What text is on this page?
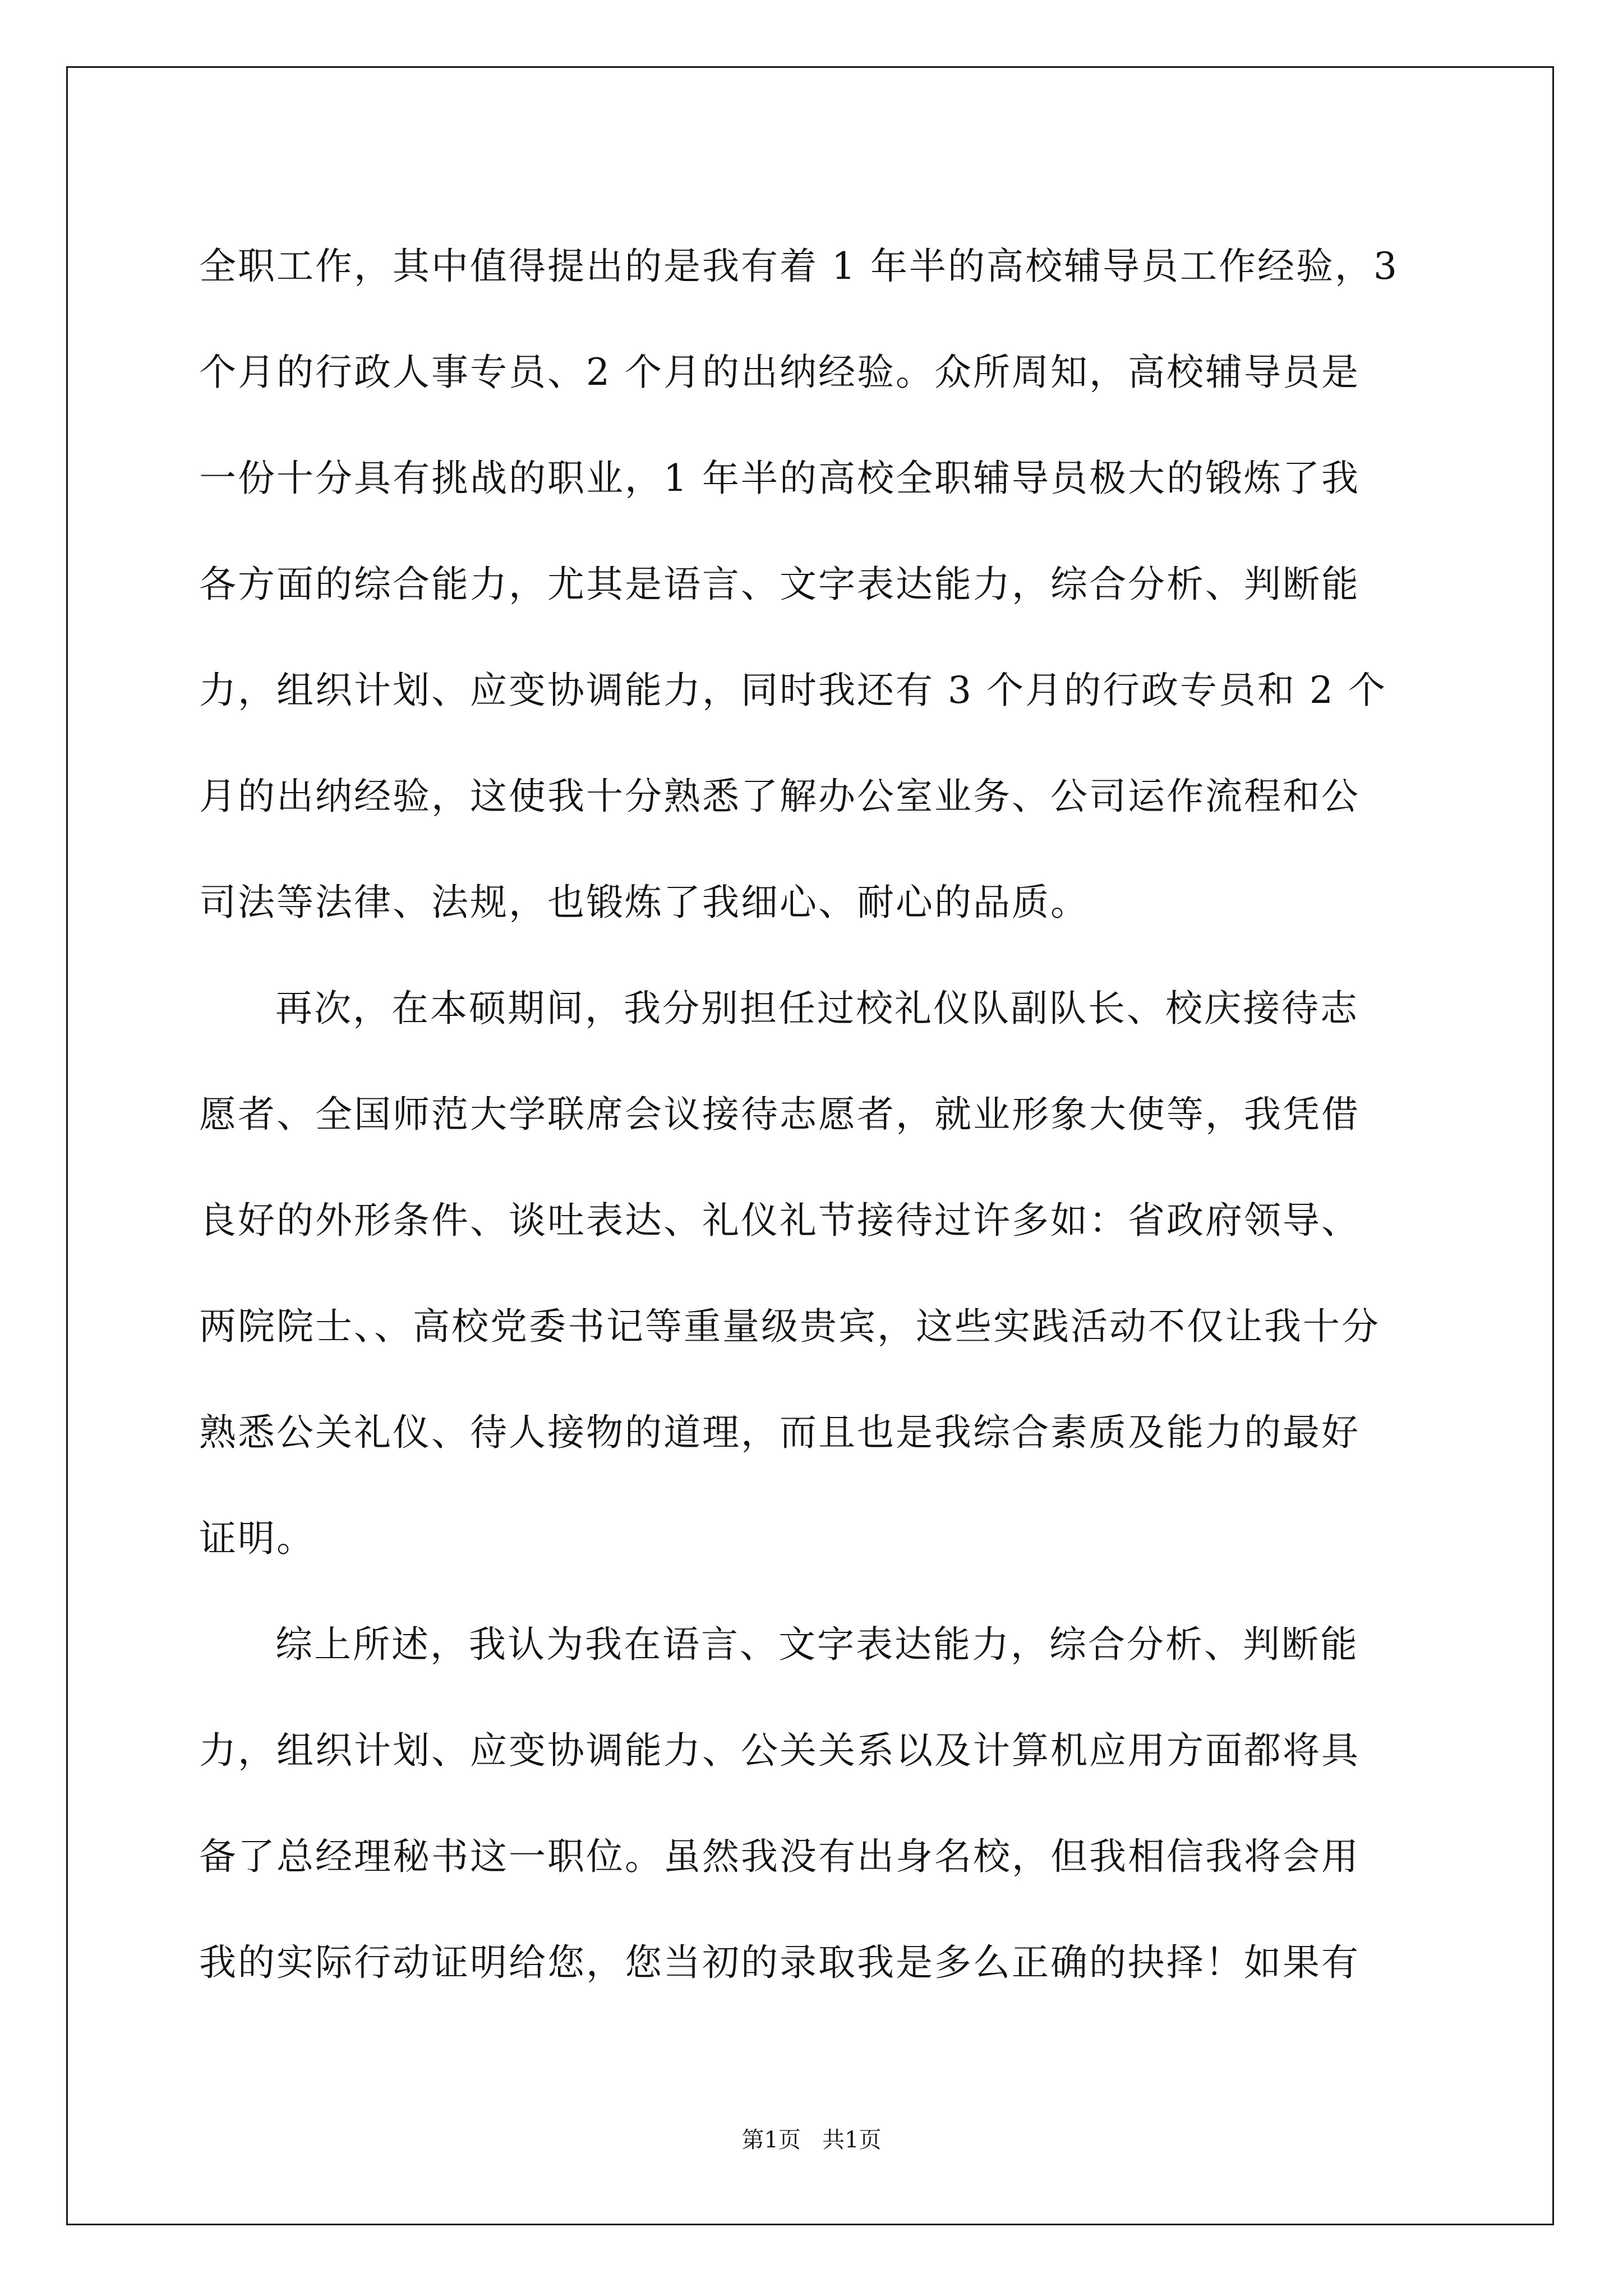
全职工作，其中值得提出的是我有着 1 年半的高校辅导员工作经验，3
个月的行政人事专员、2 个月的出纳经验。众所周知，高校辅导员是
一份十分具有挑战的职业，1 年半的高校全职辅导员极大的锻炼了我
各方面的综合能力，尤其是语言、文字表达能力，综合分析、判断能
力，组织计划、应变协调能力，同时我还有 3 个月的行政专员和 2 个
月的出纳经验，这使我十分熟悉了解办公室业务、公司运作流程和公
司法等法律、法规，也锻炼了我细心、耐心的品质。
再次，在本硕期间，我分别担任过校礼仪队副队长、校庆接待志
愿者、全国师范大学联席会议接待志愿者，就业形象大使等，我凭借
良好的外形条件、谈吐表达、礼仪礼节接待过许多如：省政府领导、
两院院士、、高校党委书记等重量级贵宾，这些实践活动不仅让我十分
熟悉公关礼仪、待人接物的道理，而且也是我综合素质及能力的最好
证明。
综上所述，我认为我在语言、文字表达能力，综合分析、判断能
力，组织计划、应变协调能力、公关关系以及计算机应用方面都将具
备了总经理秘书这一职位。虽然我没有出身名校，但我相信我将会用
我的实际行动证明给您，您当初的录取我是多么正确的抉择！如果有
第1页   共1页
